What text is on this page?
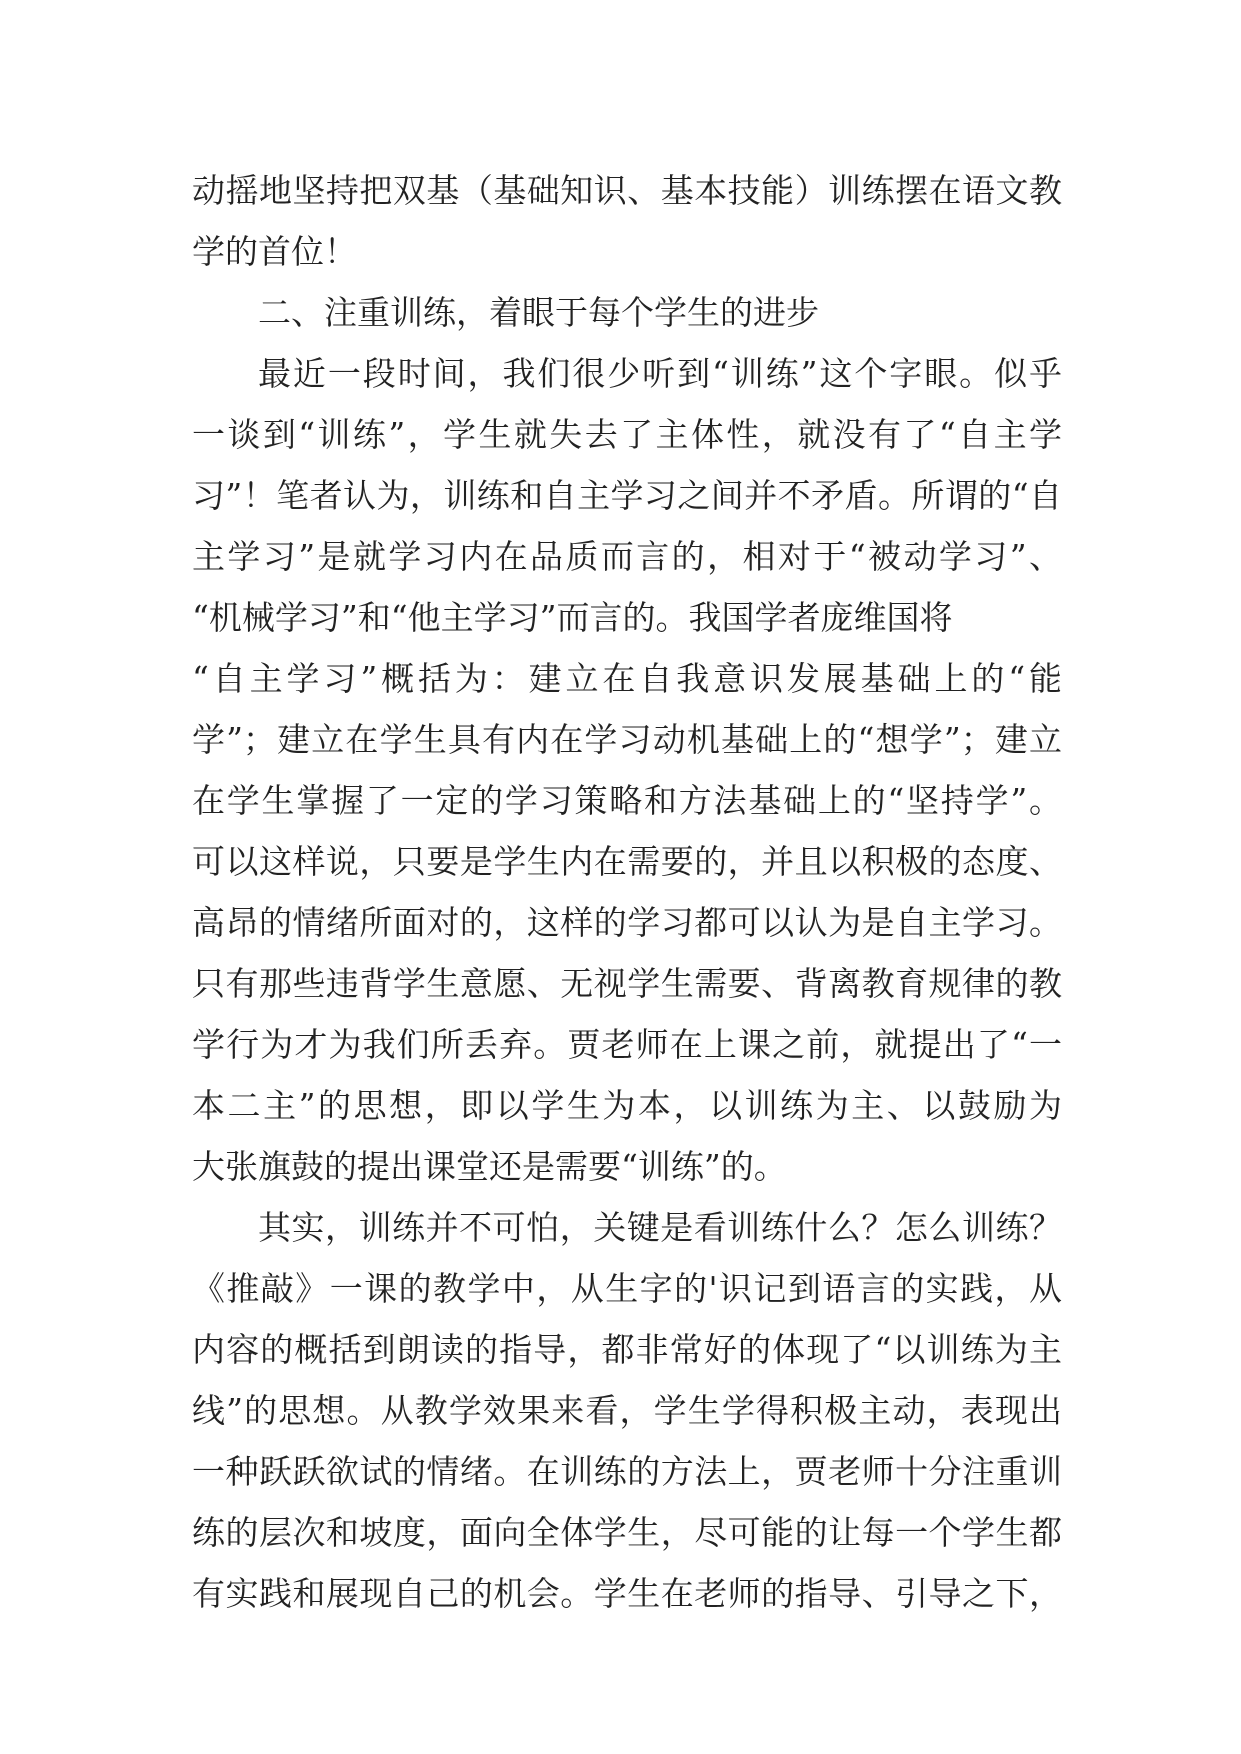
动摇地坚持把双基（基础知识、基本技能）训练摆在语文教
学的首位！
二、注重训练，着眼于每个学生的进步
最近一段时间，我们很少听到“训练”这个字眼。似乎
一谈到“训练”，学生就失去了主体性，就没有了“自主学
习”！笔者认为，训练和自主学习之间并不矛盾。所谓的“自
主学习”是就学习内在品质而言的，相对于“被动学习”、
“机械学习”和“他主学习”而言的。我国学者庞维国将
“自主学习”概括为：建立在自我意识发展基础上的“能
学”；建立在学生具有内在学习动机基础上的“想学”；建立
在学生掌握了一定的学习策略和方法基础上的“坚持学”。
可以这样说，只要是学生内在需要的，并且以积极的态度、
高昂的情绪所面对的，这样的学习都可以认为是自主学习。
只有那些违背学生意愿、无视学生需要、背离教育规律的教
学行为才为我们所丢弃。贾老师在上课之前，就提出了“一
本二主”的思想，即以学生为本，以训练为主、以鼓励为
大张旗鼓的提出课堂还是需要“训练”的。
其实，训练并不可怕，关键是看训练什么？怎么训练？
《推敲》一课的教学中，从生字的'识记到语言的实践，从
内容的概括到朗读的指导，都非常好的体现了“以训练为主
线”的思想。从教学效果来看，学生学得积极主动，表现出
一种跃跃欲试的情绪。在训练的方法上，贾老师十分注重训
练的层次和坡度，面向全体学生，尽可能的让每一个学生都
有实践和展现自己的机会。学生在老师的指导、引导之下，
